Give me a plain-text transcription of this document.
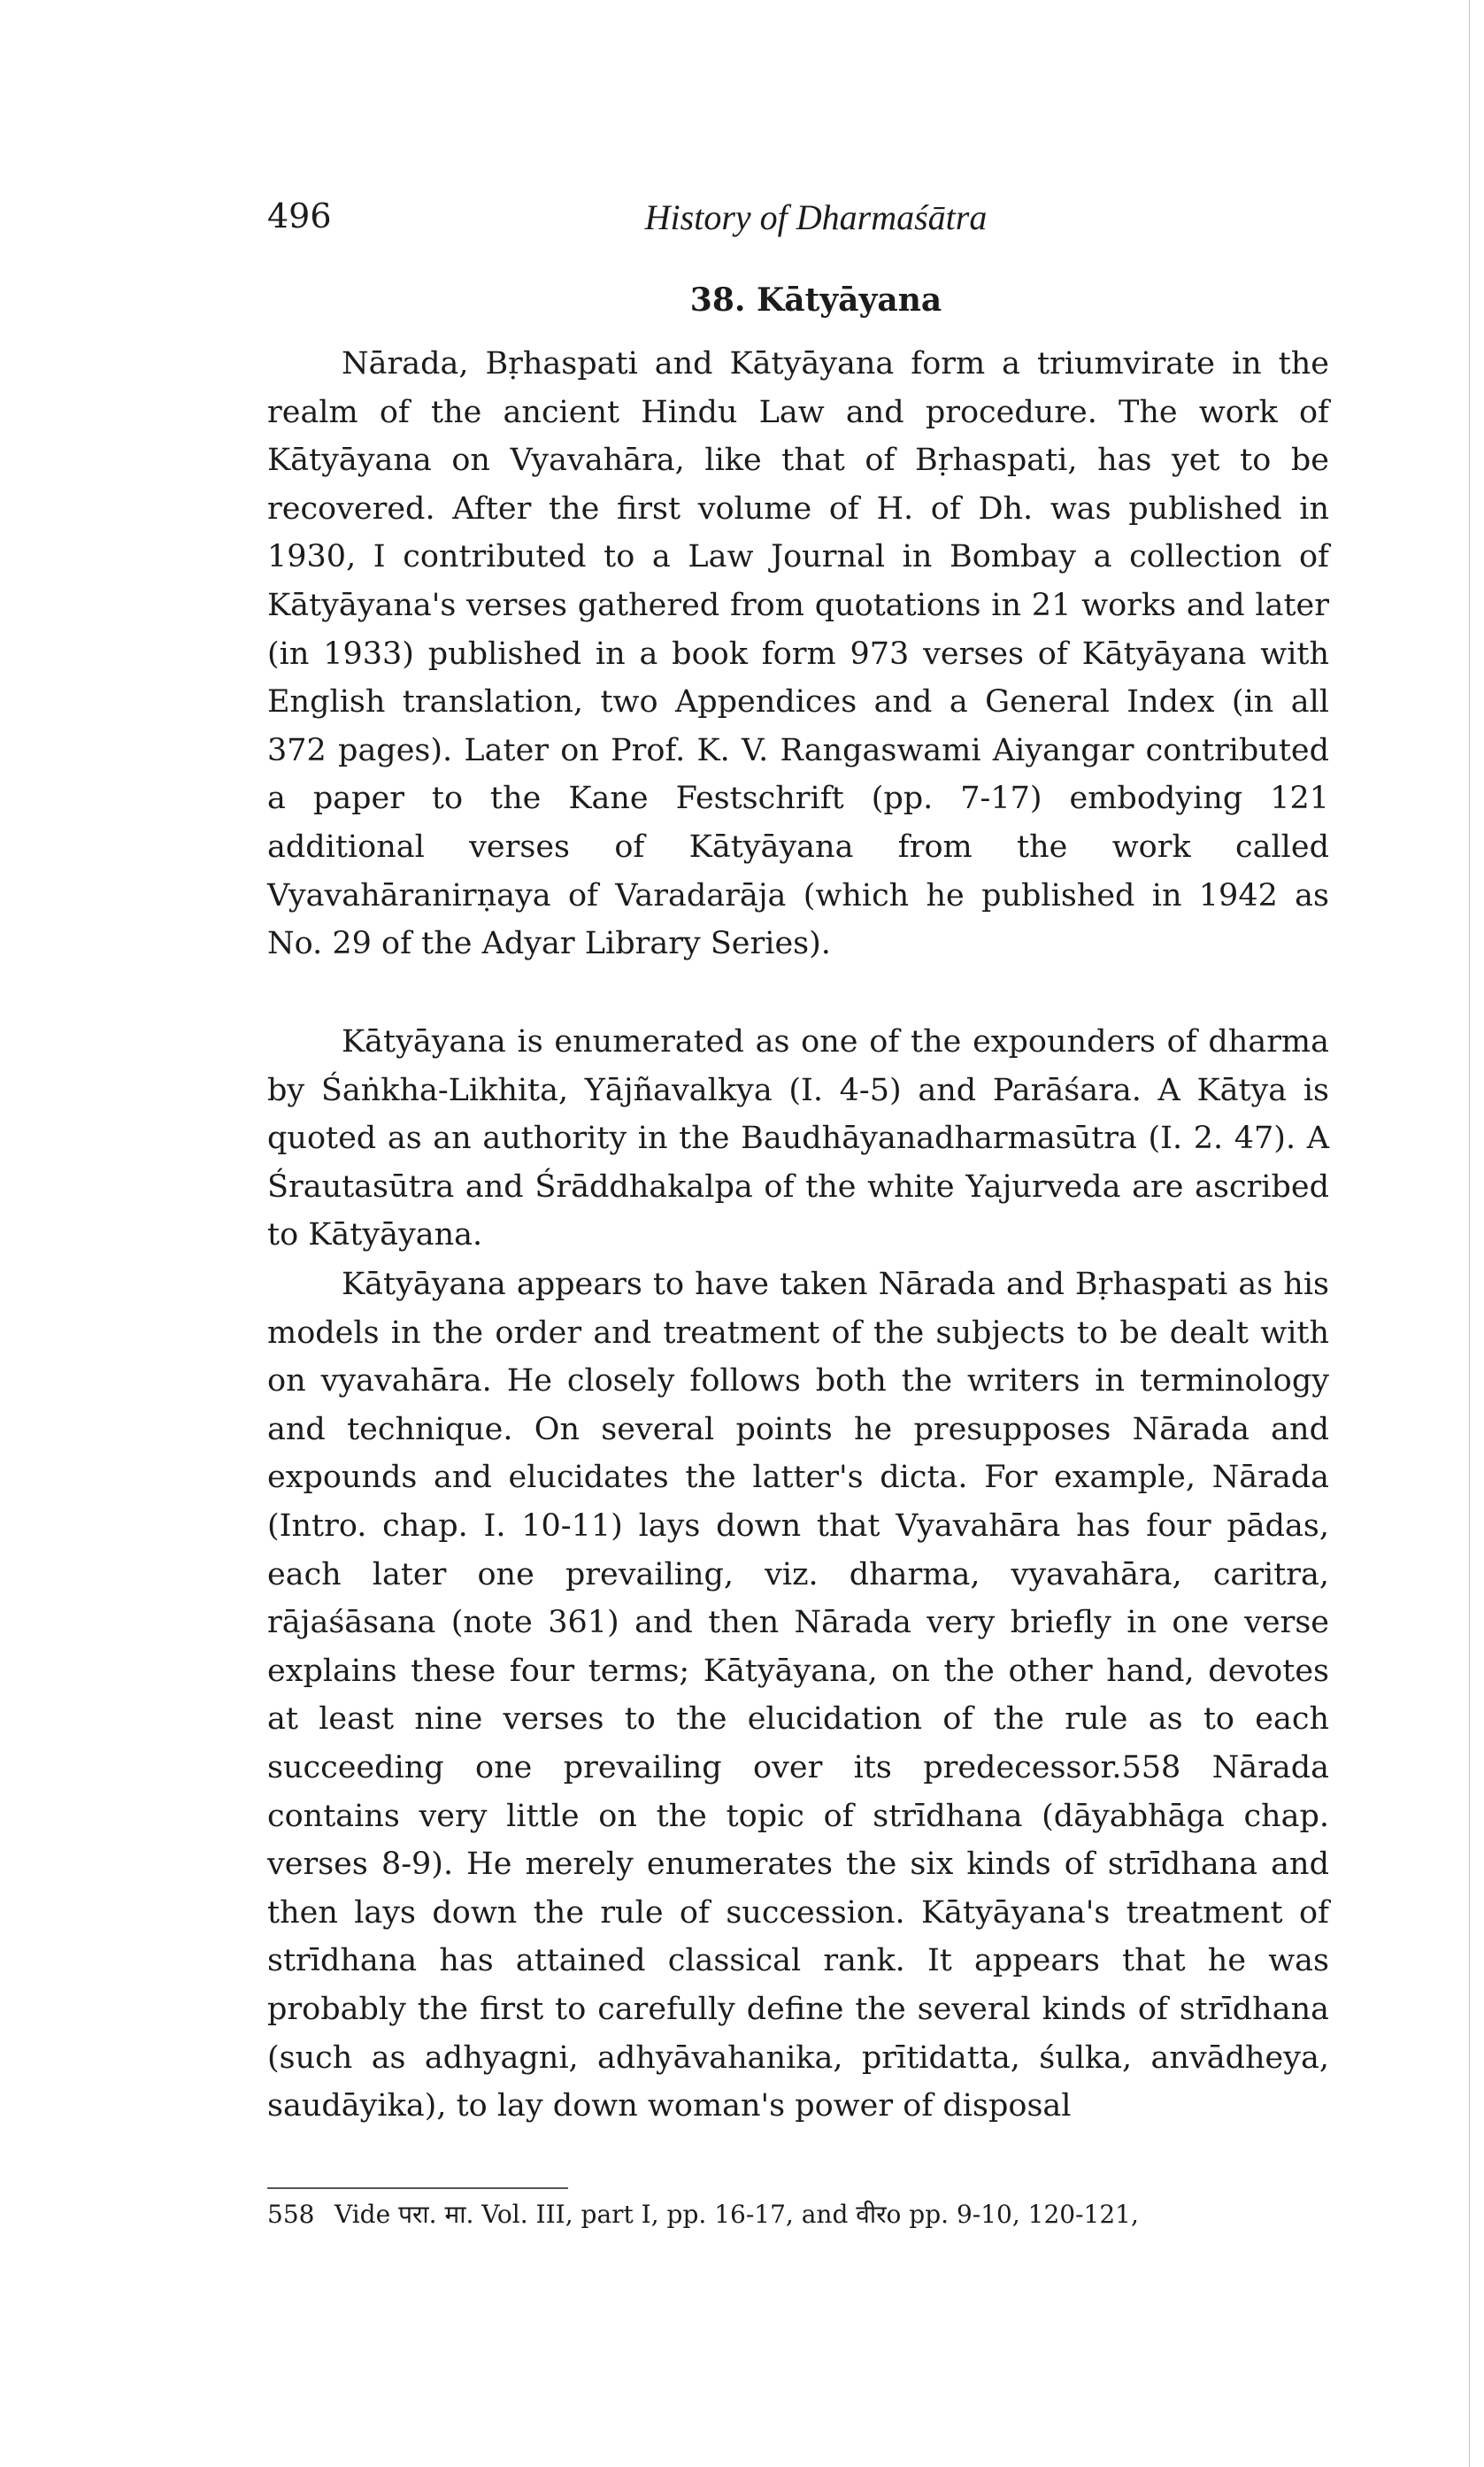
496	History of Dharmaśātra
38. Kātyāyana
Nārada, Bṛhaspati and Kātyāyana form a triumvirate in the realm of the ancient Hindu Law and procedure. The work of Kātyāyana on Vyavahāra, like that of Bṛhaspati, has yet to be recovered. After the first volume of H. of Dh. was published in 1930, I contributed to a Law Journal in Bombay a collection of Kātyāyana's verses gathered from quotations in 21 works and later (in 1933) published in a book form 973 verses of Kātyāyana with English translation, two Appendices and a General Index (in all 372 pages). Later on Prof. K. V. Rangaswami Aiyangar contributed a paper to the Kane Festschrift (pp. 7-17) embodying 121 additional verses of Kātyāyana from the work called Vyavahāranirṇaya of Varadarāja (which he published in 1942 as No. 29 of the Adyar Library Series).
Kātyāyana is enumerated as one of the expounders of dharma by Śaṅkha-Likhita, Yājñavalkya (I. 4-5) and Parāśara. A Kātya is quoted as an authority in the Baudhāyanadharmasūtra (I. 2. 47). A Śrautasūtra and Śrāddhakalpa of the white Yajurveda are ascribed to Kātyāyana.
Kātyāyana appears to have taken Nārada and Bṛhaspati as his models in the order and treatment of the subjects to be dealt with on vyavahāra. He closely follows both the writers in terminology and technique. On several points he presupposes Nārada and expounds and elucidates the latter's dicta. For example, Nārada (Intro. chap. I. 10-11) lays down that Vyavahāra has four pādas, each later one prevailing, viz. dharma, vyavahāra, caritra, rājaśāsana (note 361) and then Nārada very briefly in one verse explains these four terms; Kātyāyana, on the other hand, devotes at least nine verses to the elucidation of the rule as to each succeeding one prevailing over its predecessor.558 Nārada contains very little on the topic of strīdhana (dāyabhāga chap. verses 8-9). He merely enumerates the six kinds of strīdhana and then lays down the rule of succession. Kātyāyana's treatment of strīdhana has attained classical rank. It appears that he was probably the first to carefully define the several kinds of strīdhana (such as adhyagni, adhyāvahanika, prītidatta, śulka, anvādheya, saudāyika), to lay down woman's power of disposal
558 Vide परा. मा. Vol. III, part I, pp. 16-17, and वीरo pp. 9-10, 120-121,
